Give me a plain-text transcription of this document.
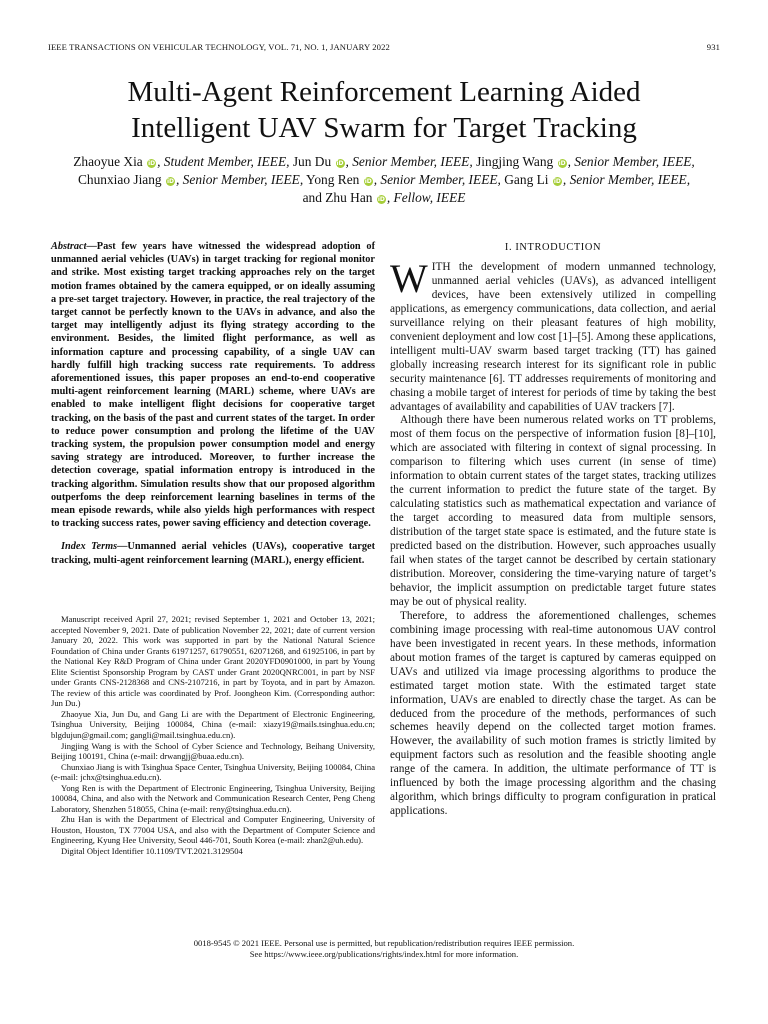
IEEE TRANSACTIONS ON VEHICULAR TECHNOLOGY, VOL. 71, NO. 1, JANUARY 2022	931
Multi-Agent Reinforcement Learning Aided
Intelligent UAV Swarm for Target Tracking
Zhaoyue Xia iD , Student Member, IEEE, Jun Du iD , Senior Member, IEEE, Jingjing Wang iD , Senior Member, IEEE,
Chunxiao Jiang iD , Senior Member, IEEE, Yong Ren iD , Senior Member, IEEE, Gang Li iD , Senior Member, IEEE,
and Zhu Han iD , Fellow, IEEE

Abstract—Past few years have witnessed the widespread adoption of unmanned aerial vehicles (UAVs) in target tracking for regional monitor and strike. Most existing target tracking approaches rely on the target motion frames obtained by the camera equipped, or on ideally assuming a pre-set target trajectory. However, in practice, the real trajectory of the target cannot be perfectly known to the UAVs in advance, and also the target may intelligently adjust its flying strategy according to the environment. Besides, the limited flight performance, as well as information capture and processing capability, of a single UAV can hardly fulfill high tracking success rate requirements. To address aforementioned issues, this paper proposes an end-to-end cooperative multi-agent reinforcement learning (MARL) scheme, where UAVs are enabled to make intelligent flight decisions for cooperative target tracking, on the basis of the past and current states of the target. In order to reduce power consumption and prolong the lifetime of the UAV tracking system, the propulsion power consumption model and energy saving strategy are introduced. Moreover, to further increase the detection coverage, spatial information entropy is introduced in the tracking algorithm. Simulation results show that our proposed algorithm outperfoms the deep reinforcement learning baselines in terms of the mean episode rewards, while also yields high performances with respect to tracking success rates, power saving efficiency and detection coverage.

Index Terms—Unmanned aerial vehicles (UAVs), cooperative target tracking, multi-agent reinforcement learning (MARL), energy efficient.

Manuscript received April 27, 2021; revised September 1, 2021 and October 13, 2021; accepted November 9, 2021. Date of publication November 22, 2021; date of current version January 20, 2022. This work was supported in part by the National Natural Science Foundation of China under Grants 61971257, 61790551, 62071268, and 61925106, in part by the National Key R&D Program of China under Grant 2020YFD0901000, in part by Young Elite Scientist Sponsorship Program by CAST under Grant 2020QNRC001, in part by NSF under Grants CNS-2128368 and CNS-2107216, in part by Toyota, and in part by Amazon. The review of this article was coordinated by Prof. Joongheon Kim. (Corresponding author: Jun Du.)

Zhaoyue Xia, Jun Du, and Gang Li are with the Department of Electronic Engineering, Tsinghua University, Beijing 100084, China (e-mail: xiazy19@mails.tsinghua.edu.cn; blgdujun@gmail.com; gangli@mail.tsinghua.edu.cn).

Jingjing Wang is with the School of Cyber Science and Technology, Beihang University, Beijing 100191, China (e-mail: drwangjj@buaa.edu.cn).

Chunxiao Jiang is with Tsinghua Space Center, Tsinghua University, Beijing 100084, China (e-mail: jchx@tsinghua.edu.cn).

Yong Ren is with the Department of Electronic Engineering, Tsinghua University, Beijing 100084, China, and also with the Network and Communication Research Center, Peng Cheng Laboratory, Shenzhen 518055, China (e-mail: reny@tsinghua.edu.cn).

Zhu Han is with the Department of Electrical and Computer Engineering, University of Houston, Houston, TX 77004 USA, and also with the Department of Computer Science and Engineering, Kyung Hee University, Seoul 446-701, South Korea (e-mail: zhan2@uh.edu).

Digital Object Identifier 10.1109/TVT.2021.3129504

I. INTRODUCTION

WITH the development of modern unmanned technology, unmanned aerial vehicles (UAVs), as advanced intelligent devices, have been extensively utilized in compelling applications, as emergency communications, data collection, and aerial surveillance relying on their pleasant features of high mobility, convenient deployment and low cost [1]–[5]. Among these applications, intelligent multi-UAV swarm based target tracking (TT) has gained globally increasing research interest for its significant role in public security maintenance [6]. TT addresses requirements of monitoring and chasing a mobile target of interest for periods of time by taking the best advantages of availability and capabilities of UAV trackers [7].

Although there have been numerous related works on TT problems, most of them focus on the perspective of information fusion [8]–[10], which are associated with filtering in context of signal processing. In comparison to filtering which uses current (in sense of time) information to obtain current states of the target states, tracking utilizes the current information to predict the future state of the target. By calculating statistics such as mathematical expectation and variance of the target according to measured data from multiple sensors, distribution of the target state space is estimated, and the future state is predicted based on the distribution. However, such approaches usually fail when states of the target cannot be described by certain stationary distribution. Moreover, considering the time-varying nature of target’s behavior, the implicit assumption on predictable target future states may be out of physical reality.

Therefore, to address the aforementioned challenges, schemes combining image processing with real-time autonomous UAV control have been investigated in recent years. In these methods, information about motion frames of the target is captured by cameras equipped on UAVs and utilized via image processing algorithms to produce the estimated target motion state. With the estimated target state information, UAVs are enabled to directly chase the target. As can be deduced from the procedure of the methods, performances of such schemes heavily depend on the collected target motion frames. However, the availability of such motion frames is strictly limited by equipment factors such as resolution and the feasible shooting angle range of the camera. In addition, the ultimate performance of TT is influenced by both the image processing algorithm and the chasing algorithm, which brings difficulty to program configuration in pratical applications.

0018-9545 © 2021 IEEE. Personal use is permitted, but republication/redistribution requires IEEE permission.
See https://www.ieee.org/publications/rights/index.html for more information.
